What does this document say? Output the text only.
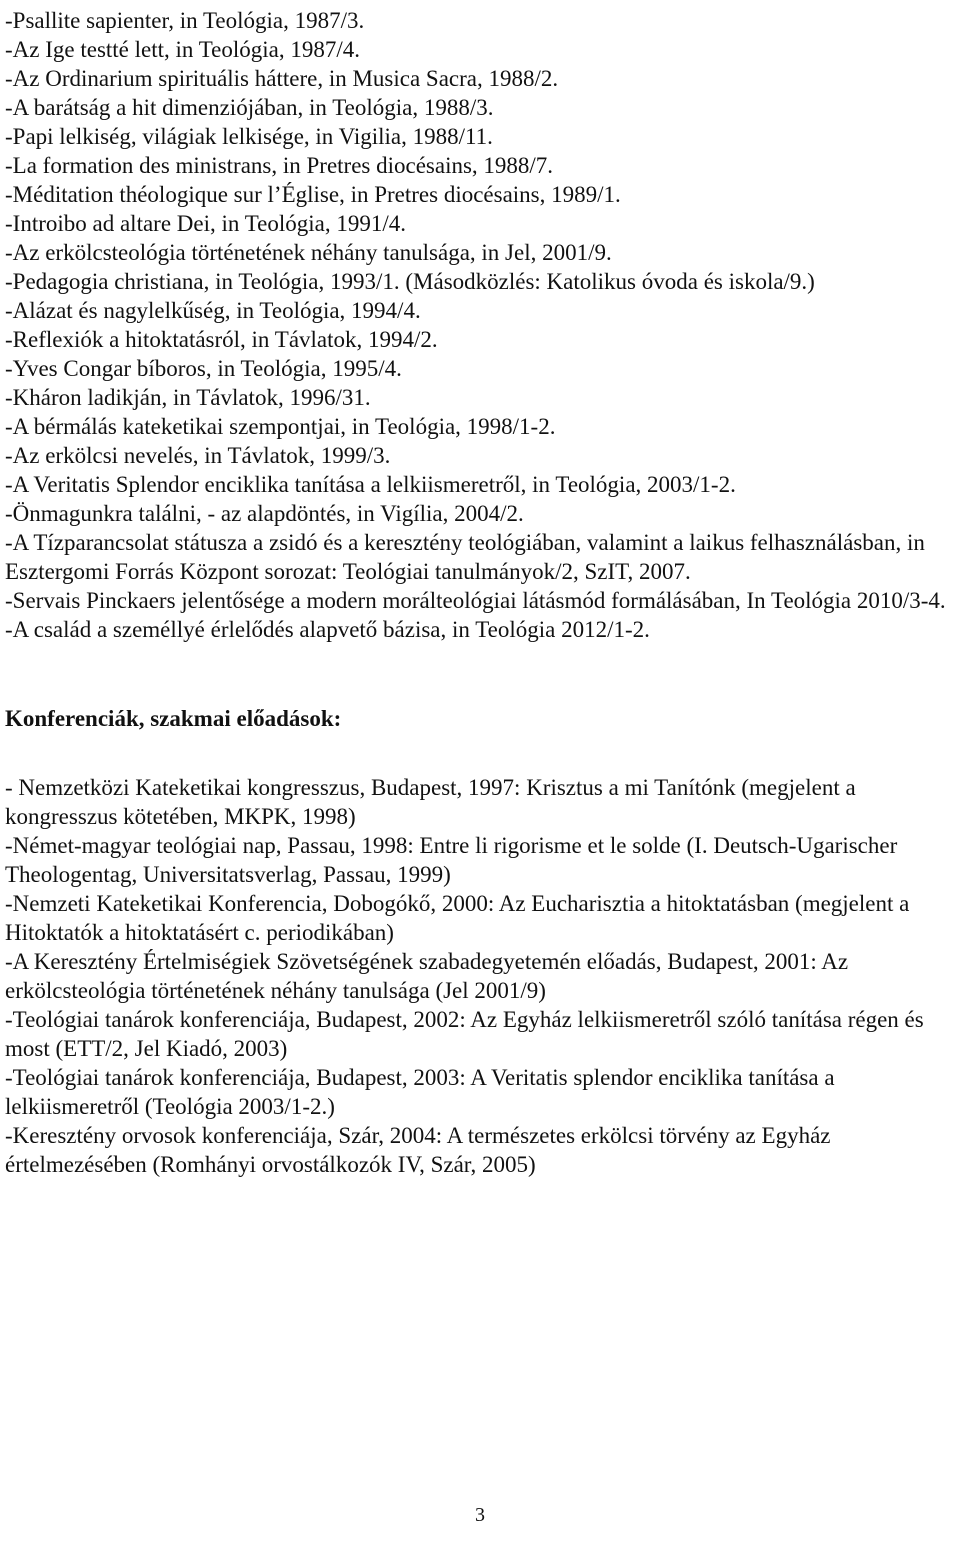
-Psallite sapienter, in Teológia, 1987/3.
-Az Ige testté lett, in Teológia, 1987/4.
-Az Ordinarium spirituális háttere, in Musica Sacra, 1988/2.
-A barátság a hit dimenziójában, in Teológia, 1988/3.
-Papi lelkiség, világiak lelkisége, in Vigilia, 1988/11.
-La formation des ministrans, in Pretres diocésains, 1988/7.
-Méditation théologique sur l’Église, in Pretres diocésains, 1989/1.
-Introibo ad altare Dei, in Teológia, 1991/4.
-Az erkölcsteológia történetének néhány tanulsága, in Jel, 2001/9.
-Pedagogia christiana, in Teológia, 1993/1. (Másodközlés: Katolikus óvoda és iskola/9.)
-Alázat és nagylelkűség, in Teológia, 1994/4.
-Reflexiók a hitoktatásról, in Távlatok, 1994/2.
-Yves Congar bíboros, in Teológia, 1995/4.
-Kháron ladikján, in Távlatok, 1996/31.
-A bérmálás kateketikai szempontjai, in Teológia, 1998/1-2.
-Az erkölcsi nevelés, in Távlatok, 1999/3.
-A Veritatis Splendor enciklika tanítása a lelkiismeretről, in Teológia, 2003/1-2.
-Önmagunkra találni, - az alapdöntés, in Vigília, 2004/2.
-A Tízparancsolat státusza a zsidó és a keresztény teológiában, valamint a laikus felhasználásban, in Esztergomi Forrás Központ sorozat: Teológiai tanulmányok/2, SzIT, 2007.
-Servais Pinckaers jelentősége a modern morálteológiai látásmód formálásában, In Teológia 2010/3-4.
-A család a személlyé érlelődés alapvető bázisa, in Teológia 2012/1-2.
Konferenciák, szakmai előadások:
- Nemzetközi Kateketikai kongresszus, Budapest, 1997: Krisztus a mi Tanítónk (megjelent a kongresszus kötetében, MKPK, 1998)
-Német-magyar teológiai nap, Passau, 1998: Entre li rigorisme et le solde (I. Deutsch-Ugarischer Theologentag, Universitatsverlag, Passau, 1999)
-Nemzeti Kateketikai Konferencia, Dobogókő, 2000: Az Eucharisztia a hitoktatásban (megjelent a Hitoktatók a hitoktatásért c. periodikában)
-A Keresztény Értelmiségiek Szövetségének szabadegyetemén előadás, Budapest, 2001: Az erkölcsteológia történetének néhány tanulsága (Jel 2001/9)
-Teológiai tanárok konferenciája, Budapest, 2002: Az Egyház lelkiismeretről szóló tanítása régen és most (ETT/2, Jel Kiadó, 2003)
-Teológiai tanárok konferenciája, Budapest, 2003: A Veritatis splendor enciklika tanítása a lelkiismeretről (Teológia 2003/1-2.)
-Keresztény orvosok konferenciája, Szár, 2004: A természetes erkölcsi törvény az Egyház értelmezésében (Romhányi orvostálkozók IV, Szár, 2005)
3
